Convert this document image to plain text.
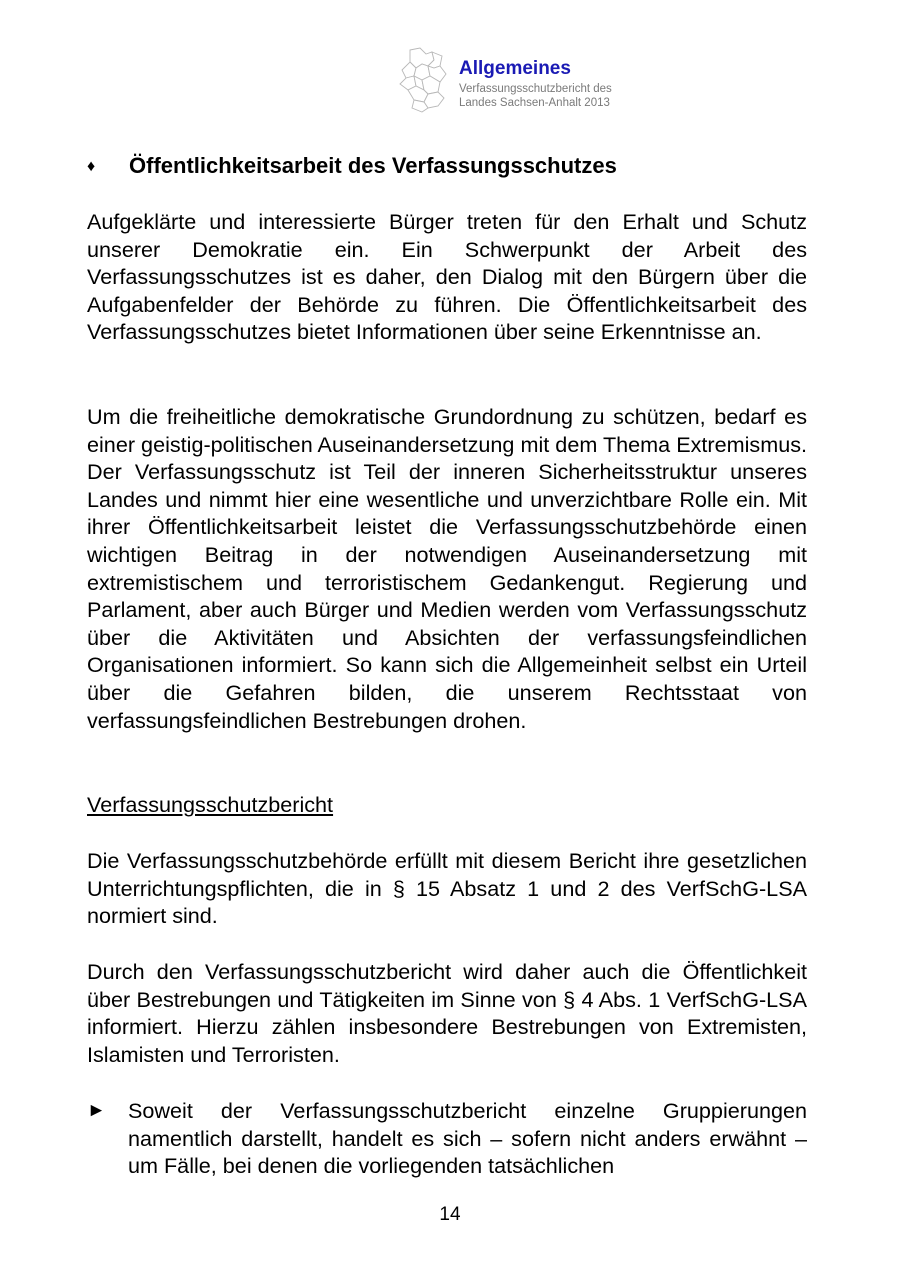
Allgemeines
Verfassungsschutzbericht des
Landes Sachsen-Anhalt 2013
♦ Öffentlichkeitsarbeit des Verfassungsschutzes

Aufgeklärte und interessierte Bürger treten für den Erhalt und Schutz unserer Demokratie ein. Ein Schwerpunkt der Arbeit des Verfassungsschutzes ist es daher, den Dialog mit den Bürgern über die Aufgabenfelder der Behörde zu führen. Die Öffentlichkeitsarbeit des Verfassungsschutzes bietet Informationen über seine Erkenntnisse an.

Um die freiheitliche demokratische Grundordnung zu schützen, bedarf es einer geistig-politischen Auseinandersetzung mit dem Thema Extremismus. Der Verfassungsschutz ist Teil der inneren Sicherheitsstruktur unseres Landes und nimmt hier eine wesentliche und unverzichtbare Rolle ein. Mit ihrer Öffentlichkeitsarbeit leistet die Verfassungsschutzbehörde einen wichtigen Beitrag in der notwendigen Auseinandersetzung mit extremistischem und terroristischem Gedankengut. Regierung und Parlament, aber auch Bürger und Medien werden vom Verfassungsschutz über die Aktivitäten und Absichten der verfassungsfeindlichen Organisationen informiert. So kann sich die Allgemeinheit selbst ein Urteil über die Gefahren bilden, die unserem Rechtsstaat von verfassungsfeindlichen Bestrebungen drohen.

Verfassungsschutzbericht

Die Verfassungsschutzbehörde erfüllt mit diesem Bericht ihre gesetzlichen Unterrichtungspflichten, die in § 15 Absatz 1 und 2 des VerfSchG-LSA normiert sind.

Durch den Verfassungsschutzbericht wird daher auch die Öffentlichkeit über Bestrebungen und Tätigkeiten im Sinne von § 4 Abs. 1 VerfSchG-LSA informiert. Hierzu zählen insbesondere Bestrebungen von Extremisten, Islamisten und Terroristen.

► Soweit der Verfassungsschutzbericht einzelne Gruppierungen namentlich darstellt, handelt es sich – sofern nicht anders erwähnt – um Fälle, bei denen die vorliegenden tatsächlichen

14
